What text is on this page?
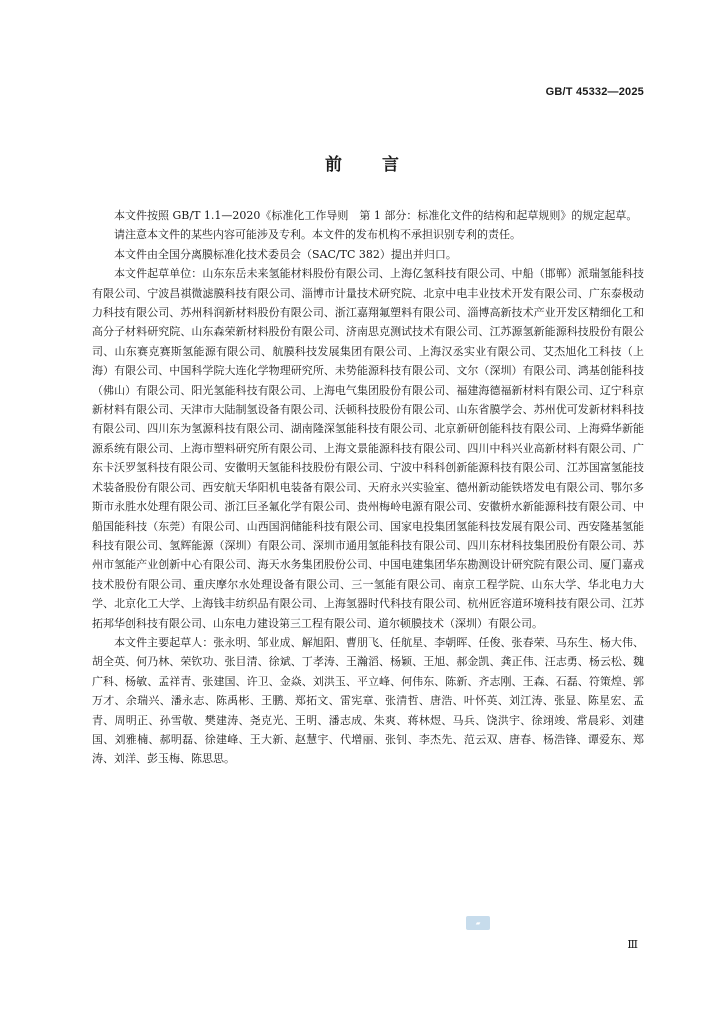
GB/T 45332—2025
前言

本文件按照 GB/T 1.1—2020《标准化工作导则　第 1 部分：标准化文件的结构和起草规则》的规定起草。

请注意本文件的某些内容可能涉及专利。本文件的发布机构不承担识别专利的责任。

本文件由全国分离膜标准化技术委员会（SAC/TC 382）提出并归口。

本文件起草单位：山东东岳未来氢能材料股份有限公司、上海亿氢科技有限公司、中船（邯郸）派瑞氢能科技有限公司、宁波昌祺微滤膜科技有限公司、淄博市计量技术研究院、北京中电丰业技术开发有限公司、广东泰极动力科技有限公司、苏州科润新材料股份有限公司、浙江嘉翔氟塑料有限公司、淄博高新技术产业开发区精细化工和高分子材料研究院、山东森荣新材料股份有限公司、济南思克测试技术有限公司、江苏源氢新能源科技股份有限公司、山东赛克赛斯氢能源有限公司、航膜科技发展集团有限公司、上海汉丞实业有限公司、艾杰旭化工科技（上海）有限公司、中国科学院大连化学物理研究所、未势能源科技有限公司、文尔（深圳）有限公司、鸿基创能科技（佛山）有限公司、阳光氢能科技有限公司、上海电气集团股份有限公司、福建海德福新材料有限公司、辽宁科京新材料有限公司、天津市大陆制氢设备有限公司、沃顿科技股份有限公司、山东省膜学会、苏州优可发新材料科技有限公司、四川东为氢源科技有限公司、湖南隆深氢能科技有限公司、北京新研创能科技有限公司、上海舜华新能源系统有限公司、上海市塑料研究所有限公司、上海文景能源科技有限公司、四川中科兴业高新材料有限公司、广东卡沃罗氢科技有限公司、安徽明天氢能科技股份有限公司、宁波中科科创新能源科技有限公司、江苏国富氢能技术装备股份有限公司、西安航天华阳机电装备有限公司、天府永兴实验室、德州新动能铁塔发电有限公司、鄂尔多斯市永胜水处理有限公司、浙江巨圣氟化学有限公司、贵州梅岭电源有限公司、安徽枡水新能源科技有限公司、中船国能科技（东莞）有限公司、山西国润储能科技有限公司、国家电投集团氢能科技发展有限公司、西安隆基氢能科技有限公司、氢辉能源（深圳）有限公司、深圳市通用氢能科技有限公司、四川东材科技集团股份有限公司、苏州市氢能产业创新中心有限公司、海天水务集团股份公司、中国电建集团华东勘测设计研究院有限公司、厦门嘉戎技术股份有限公司、重庆摩尔水处理设备有限公司、三一氢能有限公司、南京工程学院、山东大学、华北电力大学、北京化工大学、上海钱丰纺织品有限公司、上海氢器时代科技有限公司、杭州匠容道环境科技有限公司、江苏拓邦华创科技有限公司、山东电力建设第三工程有限公司、道尔顿膜技术（深圳）有限公司。

本文件主要起草人：张永明、邹业成、解旭阳、曹朋飞、任航星、李朝晖、任俊、张春荣、马东生、杨大伟、胡全英、何乃林、荣钦功、张目清、徐斌、丁孝涛、王瀚滔、杨颖、王旭、郝金凯、龚正伟、汪志勇、杨云松、魏广科、杨敏、孟祥青、张建国、许卫、金焱、刘洪玉、平立峰、何伟东、陈新、齐志刚、王森、石磊、符策煌、郭万才、余瑞兴、潘永志、陈禹彬、王鹏、郑拓文、雷宪章、张清哲、唐浩、叶怀英、刘江涛、张显、陈星宏、孟青、周明正、孙雪敬、樊建涛、尧克光、王明、潘志成、朱爽、蒋林煜、马兵、饶洪宇、徐翊竣、常晨彩、刘建国、刘雅楠、郝明磊、徐建峰、王大新、赵慧宇、代增丽、张钊、李杰先、范云双、唐春、杨浩锋、谭爱东、郑涛、刘洋、彭玉梅、陈思思。

▰
Ⅲ
